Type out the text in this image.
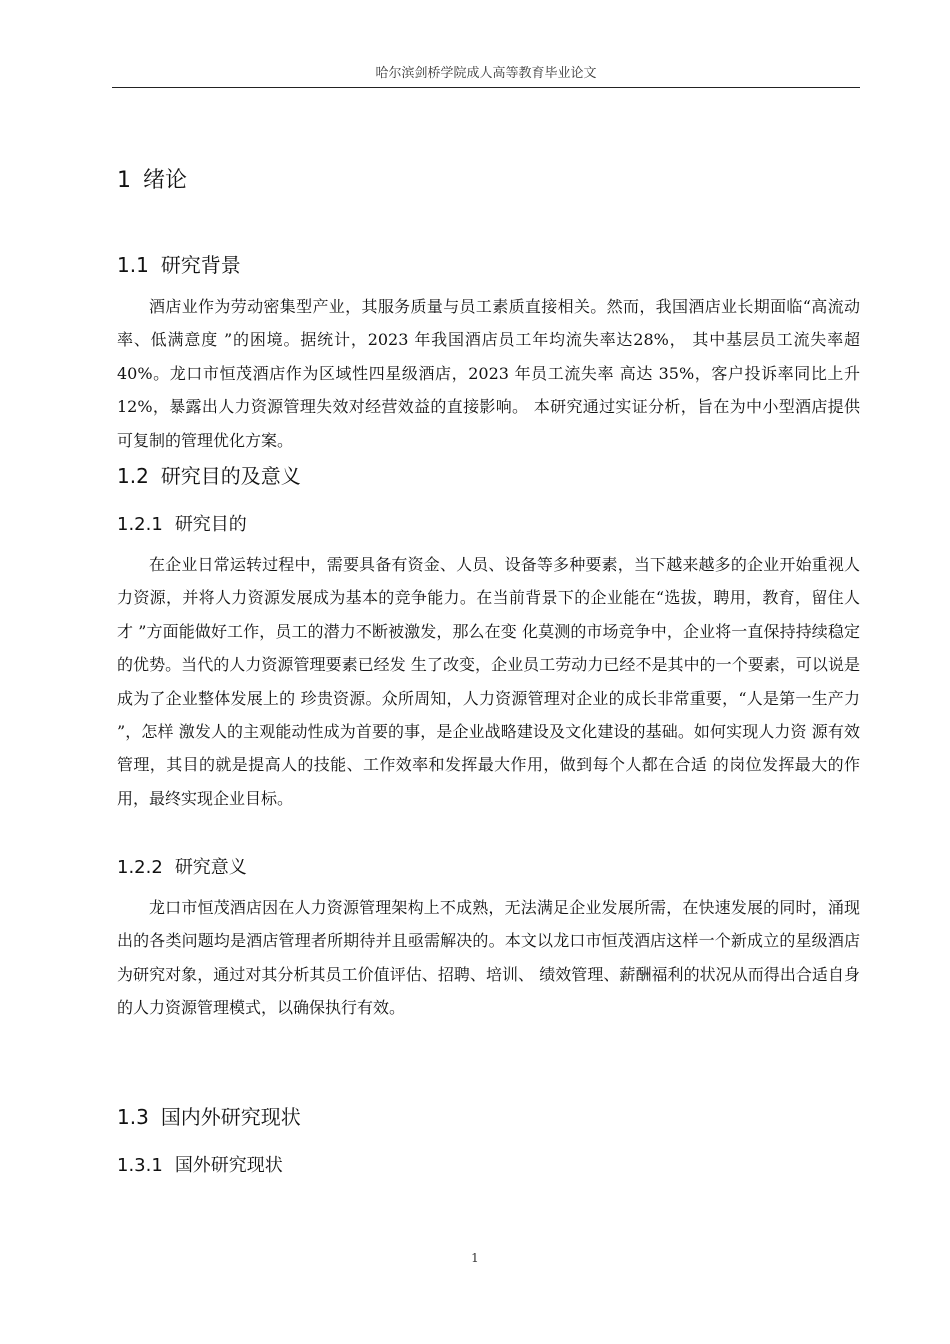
哈尔滨剑桥学院成人高等教育毕业论文
1 绪论
1.1 研究背景

酒店业作为劳动密集型产业，其服务质量与员工素质直接相关。然而，我国酒店业长期面临“高流动率、低满意度 ”的困境。据统计，2023 年我国酒店员工年均流失率达28%， 其中基层员工流失率超40%。龙口市恒茂酒店作为区域性四星级酒店，2023 年员工流失率 高达 35%，客户投诉率同比上升 12%，暴露出人力资源管理失效对经营效益的直接影响。 本研究通过实证分析，旨在为中小型酒店提供可复制的管理优化方案。

1.2 研究目的及意义
1.2.1 研究目的

在企业日常运转过程中，需要具备有资金、人员、设备等多种要素，当下越来越多的企业开始重视人力资源，并将人力资源发展成为基本的竞争能力。在当前背景下的企业能在“选拔，聘用，教育，留住人才 ”方面能做好工作，员工的潜力不断被激发，那么在变 化莫测的市场竞争中，企业将一直保持持续稳定的优势。当代的人力资源管理要素已经发 生了改变，企业员工劳动力已经不是其中的一个要素，可以说是成为了企业整体发展上的 珍贵资源。众所周知，人力资源管理对企业的成长非常重要，“人是第一生产力 ”，怎样 激发人的主观能动性成为首要的事，是企业战略建设及文化建设的基础。如何实现人力资 源有效管理，其目的就是提高人的技能、工作效率和发挥最大作用，做到每个人都在合适 的岗位发挥最大的作用，最终实现企业目标。

1.2.2 研究意义

龙口市恒茂酒店因在人力资源管理架构上不成熟，无法满足企业发展所需，在快速发展的同时，涌现出的各类问题均是酒店管理者所期待并且亟需解决的。本文以龙口市恒茂酒店这样一个新成立的星级酒店为研究对象，通过对其分析其员工价值评估、招聘、培训、 绩效管理、薪酬福利的状况从而得出合适自身的人力资源管理模式，以确保执行有效。

1.3 国内外研究现状
1.3.1 国外研究现状
1
